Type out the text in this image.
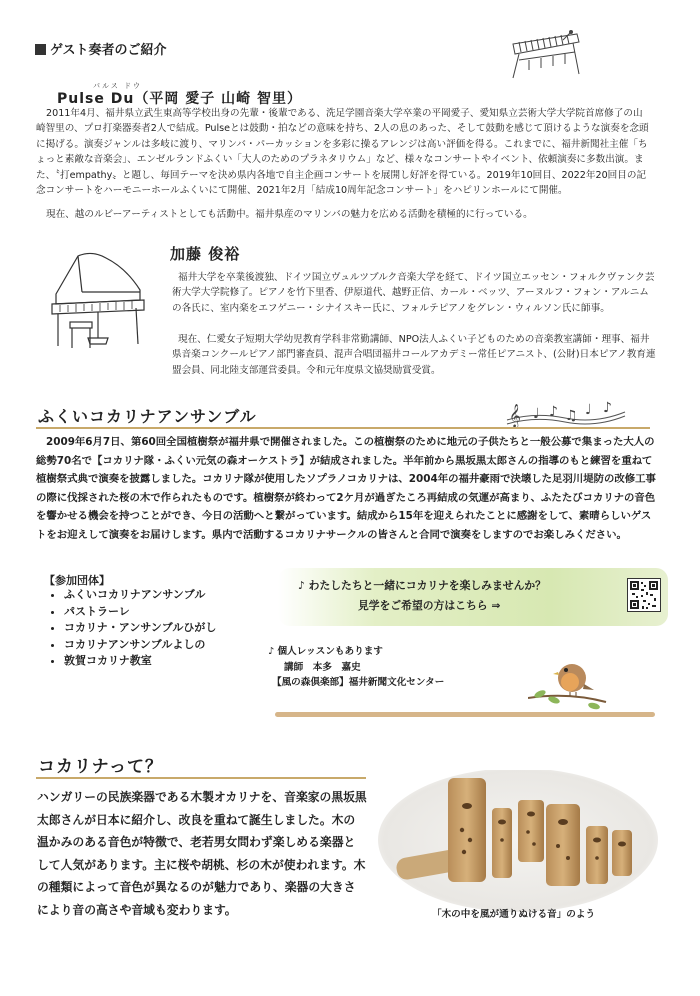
ゲスト奏者のご紹介
パルス ドウ
Pulse Du（平岡 愛子 山崎 智里）
2011年4月、福井県立武生東高等学校出身の先輩・後輩である、洗足学園音楽大学卒業の平岡愛子、愛知県立芸術大学大学院首席修了の山崎智里の、プロ打楽器奏者2人で結成。Pulseとは鼓動・拍などの意味を持ち、2人の息のあった、そして鼓動を感じて頂けるような演奏を念頭に掲げる。演奏ジャンルは多岐に渡り、マリンバ・パーカッションを多彩に操るアレンジは高い評価を得る。これまでに、福井新聞社主催「ちょっと素敵な音楽会」、エンゼルランドふくい「大人のためのプラネタリウム」など、様々なコンサートやイベント、依頼演奏に多数出演。また、〝打empathy〟と題し、毎回テーマを決め県内各地で自主企画コンサートを展開し好評を得ている。2019年10回目、2022年20回目の記念コンサートをハーモニーホールふくいにて開催、2021年2月「結成10周年記念コンサート」をハピリンホールにて開催。
現在、越のルビーアーティストとしても活動中。福井県産のマリンバの魅力を広める活動を積極的に行っている。
加藤 俊裕
福井大学を卒業後渡独、ドイツ国立ヴュルツブルク音楽大学を経て、ドイツ国立エッセン・フォルクヴァンク芸術大学大学院修了。ピアノを竹下里香、伊原道代、越野正信、カール・ベッツ、アーヌルフ・フォン・アルニムの各氏に、室内楽をエフゲニー・シナイスキー氏に、フォルテピアノをグレン・ウィルソン氏に師事。
現在、仁愛女子短期大学幼児教育学科非常勤講師、NPO法人ふくい子どものための音楽教室講師・理事、福井県音楽コンクールピアノ部門審査員、混声合唱団福井コールアカデミー常任ピアニスト、(公財)日本ピアノ教育連盟会員、同北陸支部運営委員。令和元年度県文協奨励賞受賞。
ふくいコカリナアンサンブル	𝄞 ♩ ♪ ♫ ♩ ♪
2009年6月7日、第60回全国植樹祭が福井県で開催されました。この植樹祭のために地元の子供たちと一般公募で集まった大人の総勢70名で【コカリナ隊・ふくい元気の森オーケストラ】が結成されました。半年前から黒坂黒太郎さんの指導のもと練習を重ねて植樹祭式典で演奏を披露しました。コカリナ隊が使用したソプラノコカリナは、2004年の福井豪雨で決壊した足羽川堤防の改修工事の際に伐採された桜の木で作られたものです。植樹祭が終わって2ケ月が過ぎたころ再結成の気運が高まり、ふたたびコカリナの音色を響かせる機会を持つことができ、今日の活動へと繋がっています。結成から15年を迎えられたことに感謝をして、素晴らしいゲストをお迎えして演奏をお届けします。県内で活動するコカリナサークルの皆さんと合同で演奏をしますのでお楽しみください。
【参加団体】
• ふくいコカリナアンサンブル
• パストラーレ
• コカリナ・アンサンブルひがし
• コカリナアンサンブルよしの
• 敦賀コカリナ教室
♪ わたしたちと一緒にコカリナを楽しみませんか？
見学をご希望の方はこちら ⇒
♪ 個人レッスンもあります
講師　本多　嘉史
【風の森倶楽部】福井新聞文化センター
コカリナって？
ハンガリーの民族楽器である木製オカリナを、音楽家の黒坂黒太郎さんが日本に紹介し、改良を重ねて誕生しました。木の温かみのある音色が特徴で、老若男女問わず楽しめる楽器として人気があります。主に桜や胡桃、杉の木が使われます。木の種類によって音色が異なるのが魅力であり、楽器の大きさにより音の高さや音域も変わります。	「木の中を風が通りぬける音」のよう
